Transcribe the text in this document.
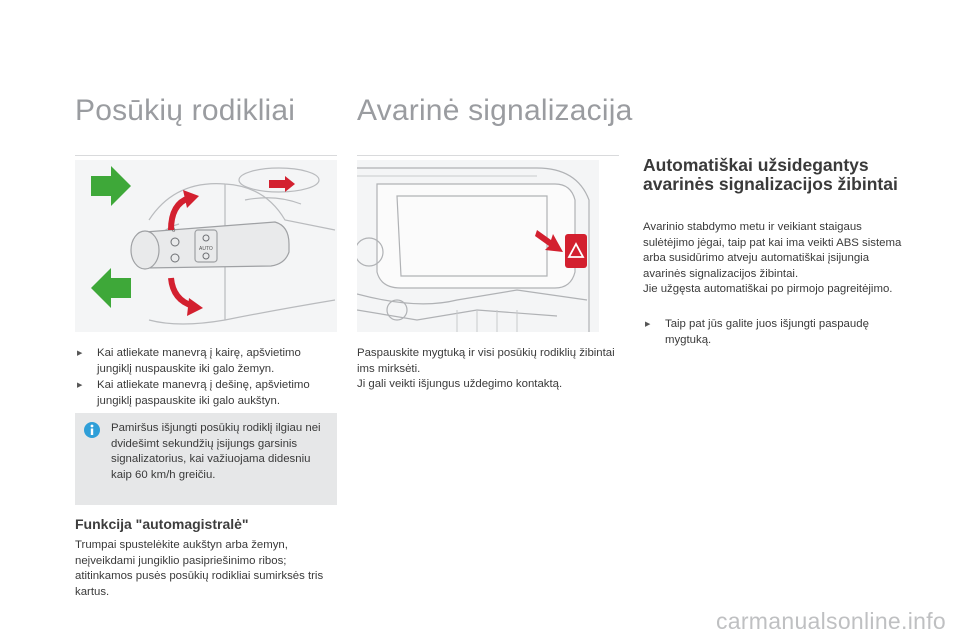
Posūkių rodikliai
AUTO
0
▶ Kai atliekate manevrą į kairę, apšvietimo jungiklį nuspauskite iki galo žemyn.
▶ Kai atliekate manevrą į dešinę, apšvietimo jungiklį paspauskite iki galo aukštyn.
Pamiršus išjungti posūkių rodiklį ilgiau nei dvidešimt sekundžių įsijungs garsinis signalizatorius, kai važiuojama didesniu kaip 60 km/h greičiu.
Funkcija "automagistralė"
Trumpai spustelėkite aukštyn arba žemyn, neįveikdami jungiklio pasipriešinimo ribos; atitinkamos pusės posūkių rodikliai sumirksės tris kartus.
Avarinė signalizacija
Paspauskite mygtuką ir visi posūkių rodiklių žibintai ims mirksėti.
Ji gali veikti išjungus uždegimo kontaktą.
Automatiškai užsidegantys avarinės signalizacijos žibintai
Avarinio stabdymo metu ir veikiant staigaus sulėtėjimo jėgai, taip pat kai ima veikti ABS sistema arba susidūrimo atveju automatiškai įsijungia avarinės signalizacijos žibintai.
Jie užgęsta automatiškai po pirmojo pagreitėjimo.
▶ Taip pat jūs galite juos išjungti paspaudę mygtuką.
carmanualsonline.info
